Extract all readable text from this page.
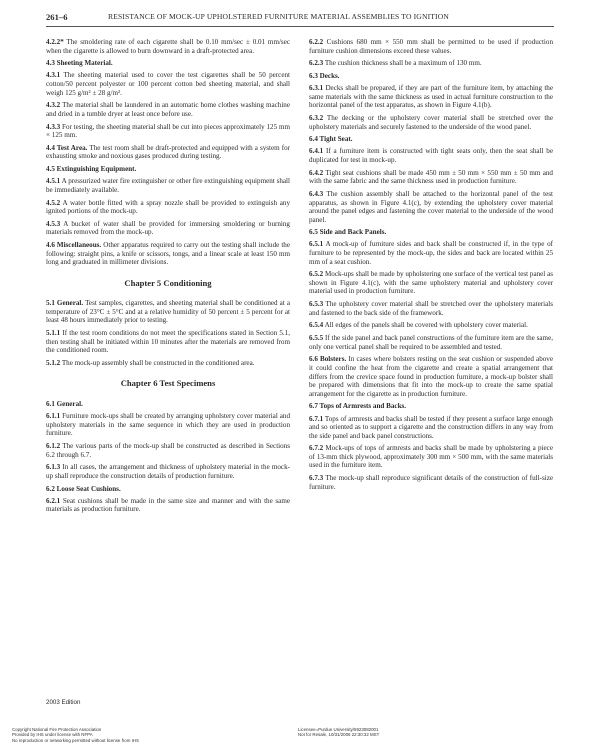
261–6	RESISTANCE OF MOCK-UP UPHOLSTERED FURNITURE MATERIAL ASSEMBLIES TO IGNITION

4.2.2* The smoldering rate of each cigarette shall be 0.10 mm/sec ± 0.01 mm/sec when the cigarette is allowed to burn downward in a draft-protected area.

4.3 Sheeting Material.

4.3.1 The sheeting material used to cover the test cigarettes shall be 50 percent cotton/50 percent polyester or 100 percent cotton bed sheeting material, and shall weigh 125 g/m² ± 28 g/m².

4.3.2 The material shall be laundered in an automatic home clothes washing machine and dried in a tumble dryer at least once before use.

4.3.3 For testing, the sheeting material shall be cut into pieces approximately 125 mm × 125 mm.

4.4 Test Area. The test room shall be draft-protected and equipped with a system for exhausting smoke and noxious gases produced during testing.

4.5 Extinguishing Equipment.

4.5.1 A pressurized water fire extinguisher or other fire extinguishing equipment shall be immediately available.

4.5.2 A water bottle fitted with a spray nozzle shall be provided to extinguish any ignited portions of the mock-up.

4.5.3 A bucket of water shall be provided for immersing smoldering or burning materials removed from the mock-up.

4.6 Miscellaneous. Other apparatus required to carry out the testing shall include the following: straight pins, a knife or scissors, tongs, and a linear scale at least 150 mm long and graduated in millimeter divisions.

Chapter 5 Conditioning

5.1 General. Test samples, cigarettes, and sheeting material shall be conditioned at a temperature of 23°C ± 5°C and at a relative humidity of 50 percent ± 5 percent for at least 48 hours immediately prior to testing.

5.1.1 If the test room conditions do not meet the specifications stated in Section 5.1, then testing shall be initiated within 10 minutes after the materials are removed from the conditioned room.

5.1.2 The mock-up assembly shall be constructed in the conditioned area.

Chapter 6 Test Specimens

6.1 General.

6.1.1 Furniture mock-ups shall be created by arranging upholstery cover material and upholstery materials in the same sequence in which they are used in production furniture.

6.1.2 The various parts of the mock-up shall be constructed as described in Sections 6.2 through 6.7.

6.1.3 In all cases, the arrangement and thickness of upholstery material in the mock-up shall reproduce the construction details of production furniture.

6.2 Loose Seat Cushions.

6.2.1 Seat cushions shall be made in the same size and manner and with the same materials as production furniture.

6.2.2 Cushions 680 mm × 550 mm shall be permitted to be used if production furniture cushion dimensions exceed these values.

6.2.3 The cushion thickness shall be a maximum of 130 mm.

6.3 Decks.

6.3.1 Decks shall be prepared, if they are part of the furniture item, by attaching the same materials with the same thickness as used in actual furniture construction to the horizontal panel of the test apparatus, as shown in Figure 4.1(b).

6.3.2 The decking or the upholstery cover material shall be stretched over the upholstery materials and securely fastened to the underside of the wood panel.

6.4 Tight Seat.

6.4.1 If a furniture item is constructed with tight seats only, then the seat shall be duplicated for test in mock-up.

6.4.2 Tight seat cushions shall be made 450 mm ± 50 mm × 550 mm ± 50 mm and with the same fabric and the same thickness used in production furniture.

6.4.3 The cushion assembly shall be attached to the horizontal panel of the test apparatus, as shown in Figure 4.1(c), by extending the upholstery cover material around the panel edges and fastening the cover material to the underside of the wood panel.

6.5 Side and Back Panels.

6.5.1 A mock-up of furniture sides and back shall be constructed if, in the type of furniture to be represented by the mock-up, the sides and back are located within 25 mm of a seat cushion.

6.5.2 Mock-ups shall be made by upholstering one surface of the vertical test panel as shown in Figure 4.1(c), with the same upholstery material and upholstery cover material used in production furniture.

6.5.3 The upholstery cover material shall be stretched over the upholstery materials and fastened to the back side of the framework.

6.5.4 All edges of the panels shall be covered with upholstery cover material.

6.5.5 If the side panel and back panel constructions of the furniture item are the same, only one vertical panel shall be required to be assembled and tested.

6.6 Bolsters. In cases where bolsters resting on the seat cushion or suspended above it could confine the heat from the cigarette and create a spatial arrangement that differs from the crevice space found in production furniture, a mock-up bolster shall be prepared with dimensions that fit into the mock-up to create the same spatial arrangement for the cigarette as in production furniture.

6.7 Tops of Armrests and Backs.

6.7.1 Tops of armrests and backs shall be tested if they present a surface large enough and so oriented as to support a cigarette and the construction differs in any way from the side panel and back panel constructions.

6.7.2 Mock-ups of tops of armrests and backs shall be made by upholstering a piece of 13-mm thick plywood, approximately 300 mm × 500 mm, with the same materials used in the furniture item.

6.7.3 The mock-up shall reproduce significant details of the construction of full-size furniture.

2003 Edition
Copyright National Fire Protection Association
Provided by IHS under license with NFPA
No reproduction or networking permitted without license from IHS
Licensee=Purdue University/5923082001
Not for Resale, 10/31/2006 22:30:32 MST
